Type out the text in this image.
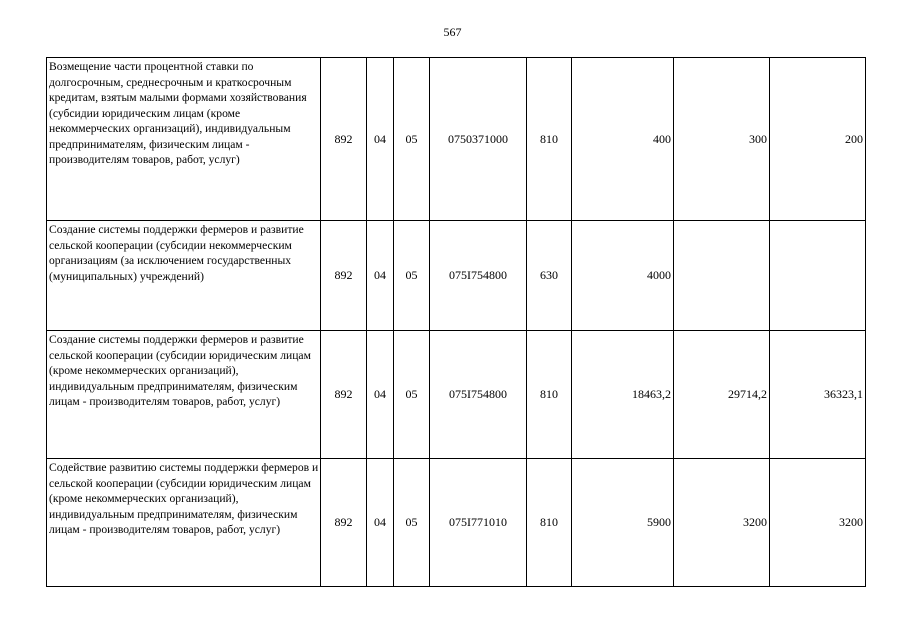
567
Возмещение части процентной ставки по долгосрочным, среднесрочным и краткосрочным кредитам, взятым малыми формами хозяйствования (субсидии юридическим лицам (кроме некоммерческих организаций), индивидуальным предпринимателям, физическим лицам - производителям товаров, работ, услуг)	892	04	05	0750371000	810	400	300	200
Создание системы поддержки фермеров и развитие сельской кооперации (субсидии некоммерческим организациям (за исключением государственных (муниципальных) учреждений)	892	04	05	075I754800	630	4000		
Создание системы поддержки фермеров и развитие сельской кооперации (субсидии юридическим лицам (кроме некоммерческих организаций), индивидуальным предпринимателям, физическим лицам - производителям товаров, работ, услуг)	892	04	05	075I754800	810	18463,2	29714,2	36323,1
Содействие развитию системы поддержки фермеров и сельской кооперации (субсидии юридическим лицам (кроме некоммерческих организаций), индивидуальным предпринимателям, физическим лицам - производителям товаров, работ, услуг)	892	04	05	075I771010	810	5900	3200	3200
